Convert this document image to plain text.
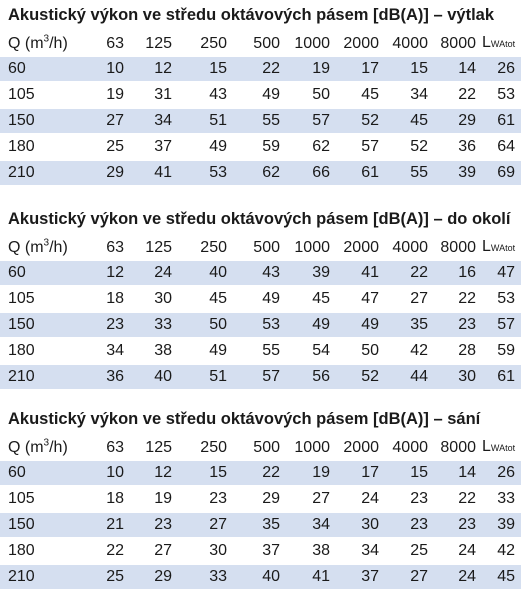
Akustický výkon ve středu oktávových pásem [dB(A)] – výtlak
Q $(m^3/h)$	63	125	250	500	1000	2000	4000	8000	LWAtot
60	10	12	15	22	19	17	15	14	26
105	19	31	43	49	50	45	34	22	53
150	27	34	51	55	57	52	45	29	61
180	25	37	49	59	62	57	52	36	64
210	29	41	53	62	66	61	55	39	69
Akustický výkon ve středu oktávových pásem [dB(A)] – do okolí
Q $(m^3/h)$	63	125	250	500	1000	2000	4000	8000	LWAtot
60	12	24	40	43	39	41	22	16	47
105	18	30	45	49	45	47	27	22	53
150	23	33	50	53	49	49	35	23	57
180	34	38	49	55	54	50	42	28	59
210	36	40	51	57	56	52	44	30	61
Akustický výkon ve středu oktávových pásem [dB(A)] – sání
Q $(m^3/h)$	63	125	250	500	1000	2000	4000	8000	LWAtot
60	10	12	15	22	19	17	15	14	26
105	18	19	23	29	27	24	23	22	33
150	21	23	27	35	34	30	23	23	39
180	22	27	30	37	38	34	25	24	42
210	25	29	33	40	41	37	27	24	45
